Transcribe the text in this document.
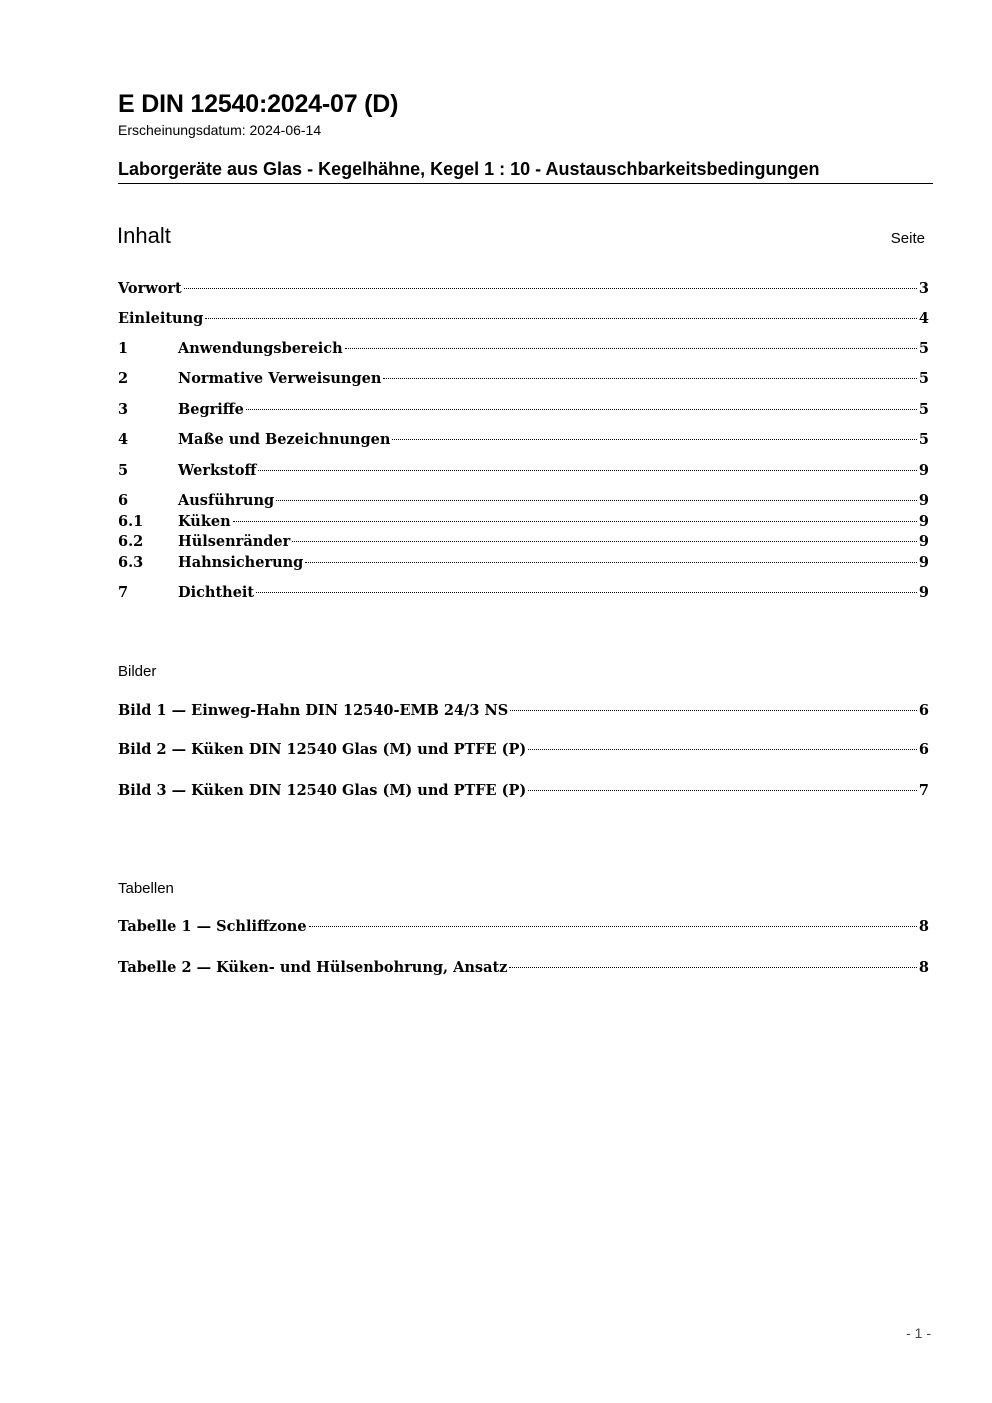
E DIN 12540:2024-07 (D)
Erscheinungsdatum: 2024-06-14
Laborgeräte aus Glas - Kegelhähne, Kegel 1 : 10 - Austauschbarkeitsbedingungen
Inhalt	Seite
Vorwort	3
Einleitung	4
1	Anwendungsbereich	5
2	Normative Verweisungen	5
3	Begriffe	5
4	Maße und Bezeichnungen	5
5	Werkstoff	9
6	Ausführung	9
6.1	Küken	9
6.2	Hülsenränder	9
6.3	Hahnsicherung	9
7	Dichtheit	9
Bilder
Bild 1 — Einweg-Hahn DIN 12540-EMB 24/3 NS	6
Bild 2 — Küken DIN 12540 Glas (M) und PTFE (P)	6
Bild 3 — Küken DIN 12540 Glas (M) und PTFE (P)	7
Tabellen
Tabelle 1 — Schliffzone	8
Tabelle 2 — Küken- und Hülsenbohrung, Ansatz	8
- 1 -
